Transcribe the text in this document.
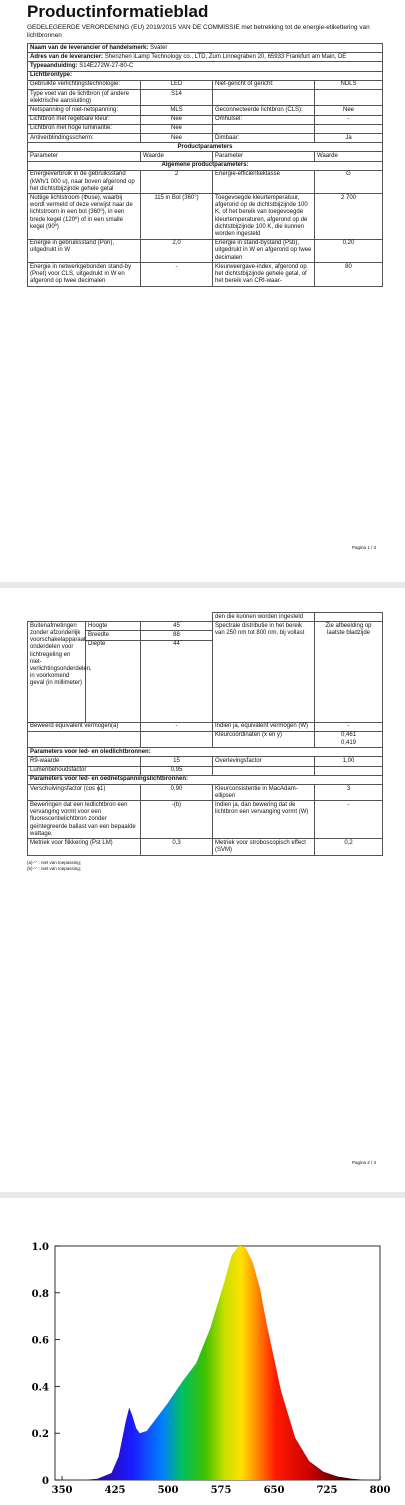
Productinformatieblad
GEDELEGEERDE VERORDENING (EU) 2019/2015 VAN DE COMMISSIE met betrekking tot de energie-etikettering van lichtbronnen
Naam van de leverancier of handelsmerk: Svater			
Adres van de leverancier: Shenzhen iLamp Technology co., LTD, Zum Linnegraben 20, 65933 Frankfurt am Main, DE			
Typeaanduiding: S14E272W-27-80-C			
Lichtbrontype:			
Gebruikte verlichtingstechnologie:	LED	Niet-gericht of gericht:	NDLS
Type voet van de lichtbron (of andere elektrische aansluiting)	S14		
Netspanning of niet-netspanning:	MLS	Geconnecteerde lichtbron (CLS):	Nee
Lichtbron met regelbare kleur:	Nee	Omhulsel:	-
Lichtbron met hoge luminantie:	Nee		
Antiverblindingsscherm:	Nee	Dimbaar:	Ja
Productparameters			
Parameter	Waarde	Parameter	Waarde
Algemene productparameters:			
Energieverbruik in de gebruiksstand (kWh/1 000 u), naar boven afgerond op het dichtstbijzijnde gehele getal	2	Energie-efficiëntieklasse	G
Nuttige lichtstroom (Φuse), waarbij wordt vermeld of deze verwijst naar de lichtstroom in een bol (360º), in een brede kegel (120º) of in een smalle kegel (90º)	115 in Bol (360°)	Toegevoegde kleurtemperatuur, afgerond op de dichtstbijzijnde 100 K, of het bereik van toegevoegde kleurtemperaturen, afgerond op de dichtstbijzijnde 100 K, die kunnen worden ingesteld	2 700
Energie in gebruiksstand (Pon), uitgedrukt in W	2,0	Energie in stand-bystand (Psb), uitgedrukt in W en afgerond op twee decimalen	0,20
Energie in netwerkgebonden stand-by (Pnet) voor CLS, uitgedrukt in W en afgerond op twee decimalen	-	Kleurweergave-index, afgerond op het dichtstbijzijnde gehele getal, of het bereik van CRI-waar-	80
Pagina 1 / 3
			den die kunnen worden ingesteld	
Buitenafmetingen zonder afzonderlijk voorschakelapparaat, onderdelen voor lichtregeling en niet-verlichtingsonderdelen, in voorkomend geval (in millimeter)	Hoogte	45	Spectrale distributie in het bereik van 250 nm tot 800 nm, bij vollast	Zie afbeelding op laatste bladzijde
	Breedte	88		
	Diepte	44		
Beweerd equivalent vermogen(a)		-	Indien ja, equivalent vermogen (W)	-
			Kleurcoördinaten (x en y)	0,461
0,419
Parameters voor led- en oledlichtbronnen:				
R9-waarde		15	Overlevingsfactor	1,00
Lumenbehoudsfactor		0,95		
Parameters voor led- en oednetspanningslichtbronnen:				
Verschuivingsfactor (cos ϕ1)		0,90	Kleurconsistentie in MacAdam-ellipsen	3
Beweringen dat een ledlichtbron een vervanging vormt voor een fluorescentielichtbron zonder geïntegreerde ballast van een bepaalde wattage.		-(b)	Indien ja, dan bewering dat de lichtbron een vervanging vormt (W)	-
Metriek voor flikkering (Pst LM)		0,3	Metriek voor stroboscopisch effect (SVM)	0,2
(a)-'-' : niet van toepassing;
(b)-'-' : niet van toepassing;
Pagina 2 / 3
0
0.2
0.4
0.6
0.8
1.0
350	425	500	575	650	725	800
